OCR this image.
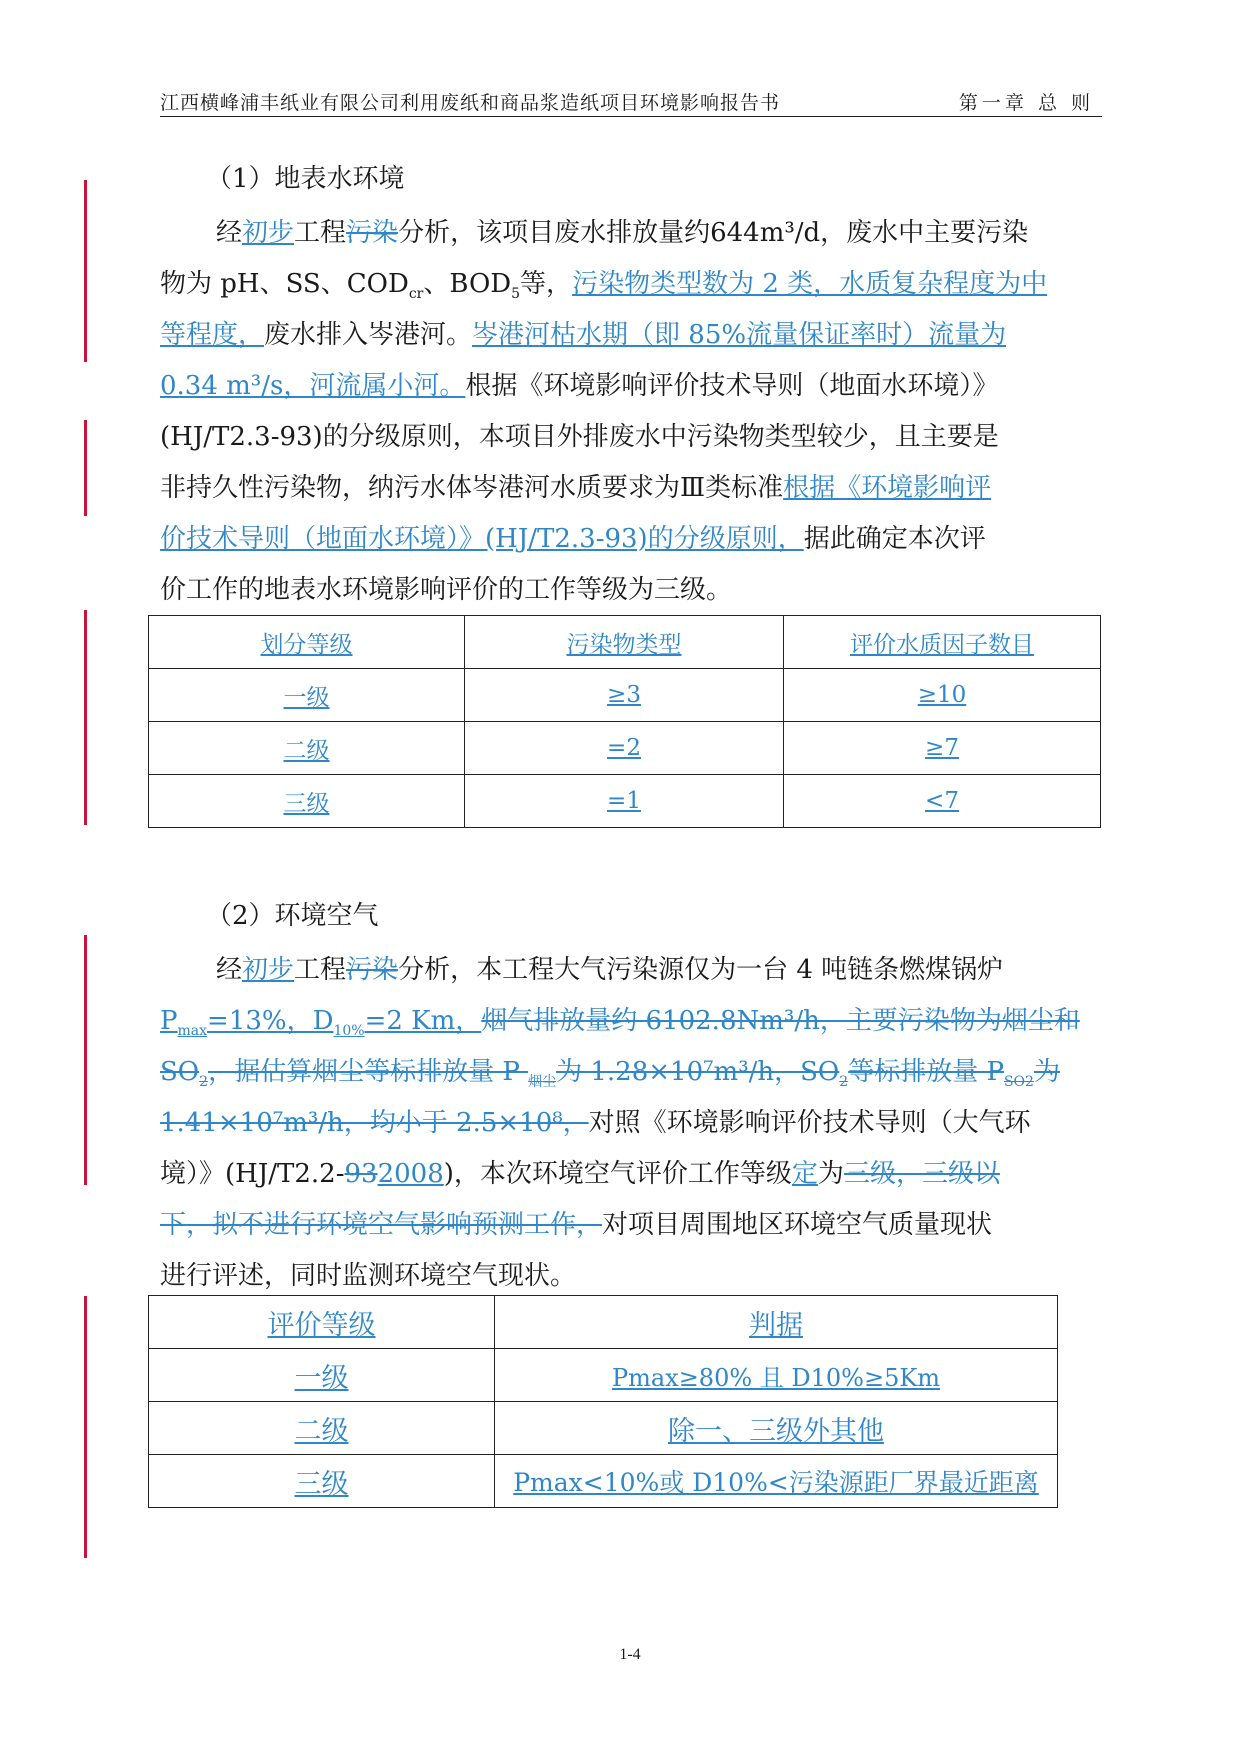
江西横峰浦丰纸业有限公司利用废纸和商品浆造纸项目环境影响报告书	第一章 总 则
（1）地表水环境
经初步工程污染分析，该项目废水排放量约644m³/d，废水中主要污染
物为 pH、SS、$COD_{cr}$、$BOD_5$等，污染物类型数为 2 类，水质复杂程度为中
等程度，废水排入岑港河。岑港河枯水期（即 85%流量保证率时）流量为
0.34 m³/s，河流属小河。根据《环境影响评价技术导则（地面水环境）》
(HJ/T2.3-93)的分级原则，本项目外排废水中污染物类型较少，且主要是
非持久性污染物，纳污水体岑港河水质要求为Ⅲ类标准根据《环境影响评
价技术导则（地面水环境）》(HJ/T2.3-93)的分级原则，据此确定本次评
价工作的地表水环境影响评价的工作等级为三级。
划分等级	污染物类型	评价水质因子数目
一级	≥3	≥10
二级	=2	≥7
三级	=1	<7
（2）环境空气
经初步工程污染分析，本工程大气污染源仅为一台 4 吨链条燃煤锅炉
$P_{max}=13\%$，$D_{10\%}=2$ Km，烟气排放量约 6102.8Nm³/h，主要污染物为烟尘和
$SO_2$，据估算烟尘等标排放量 P $_{烟尘}$为 1.28×10⁷m³/h，$SO_2$等标排放量 $P_{SO2}$为
1.41×10⁷m³/h，均小于 2.5×10⁸，对照《环境影响评价技术导则（大气环
境）》(HJ/T2.2-932008)，本次环境空气评价工作等级定为三级，三级以
下，拟不进行环境空气影响预测工作，对项目周围地区环境空气质量现状
进行评述，同时监测环境空气现状。
评价等级	判据
一级	Pmax≥80% 且 D10%≥5Km
二级	除一、三级外其他
三级	Pmax<10%或 D10%<污染源距厂界最近距离
1-4
